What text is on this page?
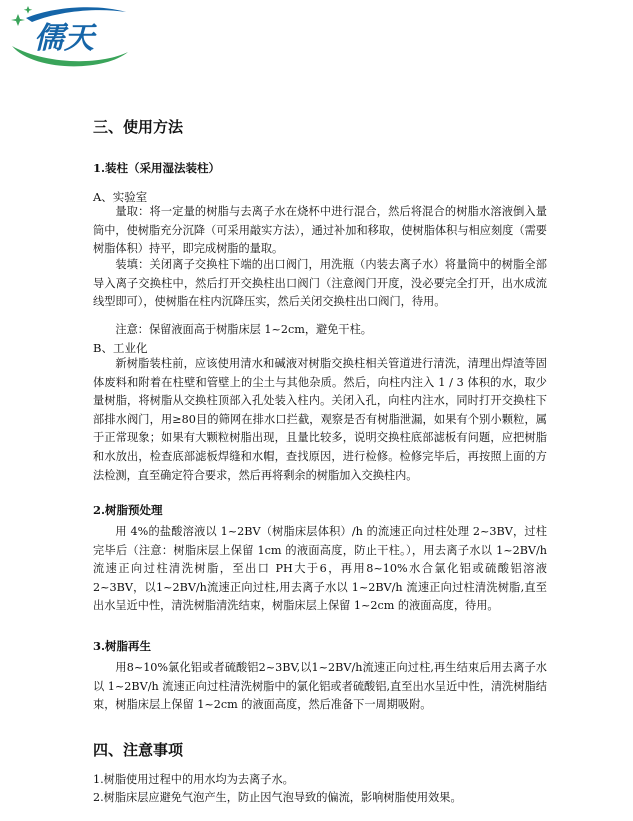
儒天
三、使用方法
1.装柱（采用湿法装柱）
A、实验室
量取：将一定量的树脂与去离子水在烧杯中进行混合，然后将混合的树脂水溶液倒入量筒中，使树脂充分沉降（可采用敲实方法），通过补加和移取，使树脂体积与相应刻度（需要树脂体积）持平，即完成树脂的量取。
装填：关闭离子交换柱下端的出口阀门，用洗瓶（内装去离子水）将量筒中的树脂全部导入离子交换柱中，然后打开交换柱出口阀门（注意阀门开度，没必要完全打开，出水成流线型即可），使树脂在柱内沉降压实，然后关闭交换柱出口阀门，待用。
注意：保留液面高于树脂床层 1~2cm，避免干柱。
B、工业化
新树脂装柱前，应该使用清水和碱液对树脂交换柱相关管道进行清洗，清理出焊渣等固体废料和附着在柱壁和管壁上的尘土与其他杂质。然后，向柱内注入 1 / 3 体积的水，取少量树脂，将树脂从交换柱顶部入孔处装入柱内。关闭入孔，向柱内注水，同时打开交换柱下部排水阀门，用≥80目的筛网在排水口拦截，观察是否有树脂泄漏，如果有个别小颗粒，属于正常现象；如果有大颗粒树脂出现，且量比较多，说明交换柱底部滤板有问题，应把树脂和水放出，检查底部滤板焊缝和水帽，查找原因，进行检修。检修完毕后，再按照上面的方法检测，直至确定符合要求，然后再将剩余的树脂加入交换柱内。
2.树脂预处理
用 4%的盐酸溶液以 1~2BV（树脂床层体积）/h 的流速正向过柱处理 2~3BV，过柱完毕后（注意：树脂床层上保留 1cm 的液面高度，防止干柱。），用去离子水以 1~2BV/h 流速正向过柱清洗树脂，至出口 PH大于6，再用8~10%水合氯化铝或硫酸铝溶液2~3BV，以1~2BV/h流速正向过柱,用去离子水以 1~2BV/h 流速正向过柱清洗树脂,直至出水呈近中性，清洗树脂清洗结束，树脂床层上保留 1~2cm 的液面高度，待用。
3.树脂再生
用8~10%氯化铝或者硫酸铝2~3BV,以1~2BV/h流速正向过柱,再生结束后用去离子水以 1~2BV/h 流速正向过柱清洗树脂中的氯化铝或者硫酸铝,直至出水呈近中性，清洗树脂结束，树脂床层上保留 1~2cm 的液面高度，然后准备下一周期吸附。
四、注意事项
1.树脂使用过程中的用水均为去离子水。
2.树脂床层应避免气泡产生，防止因气泡导致的偏流，影响树脂使用效果。
